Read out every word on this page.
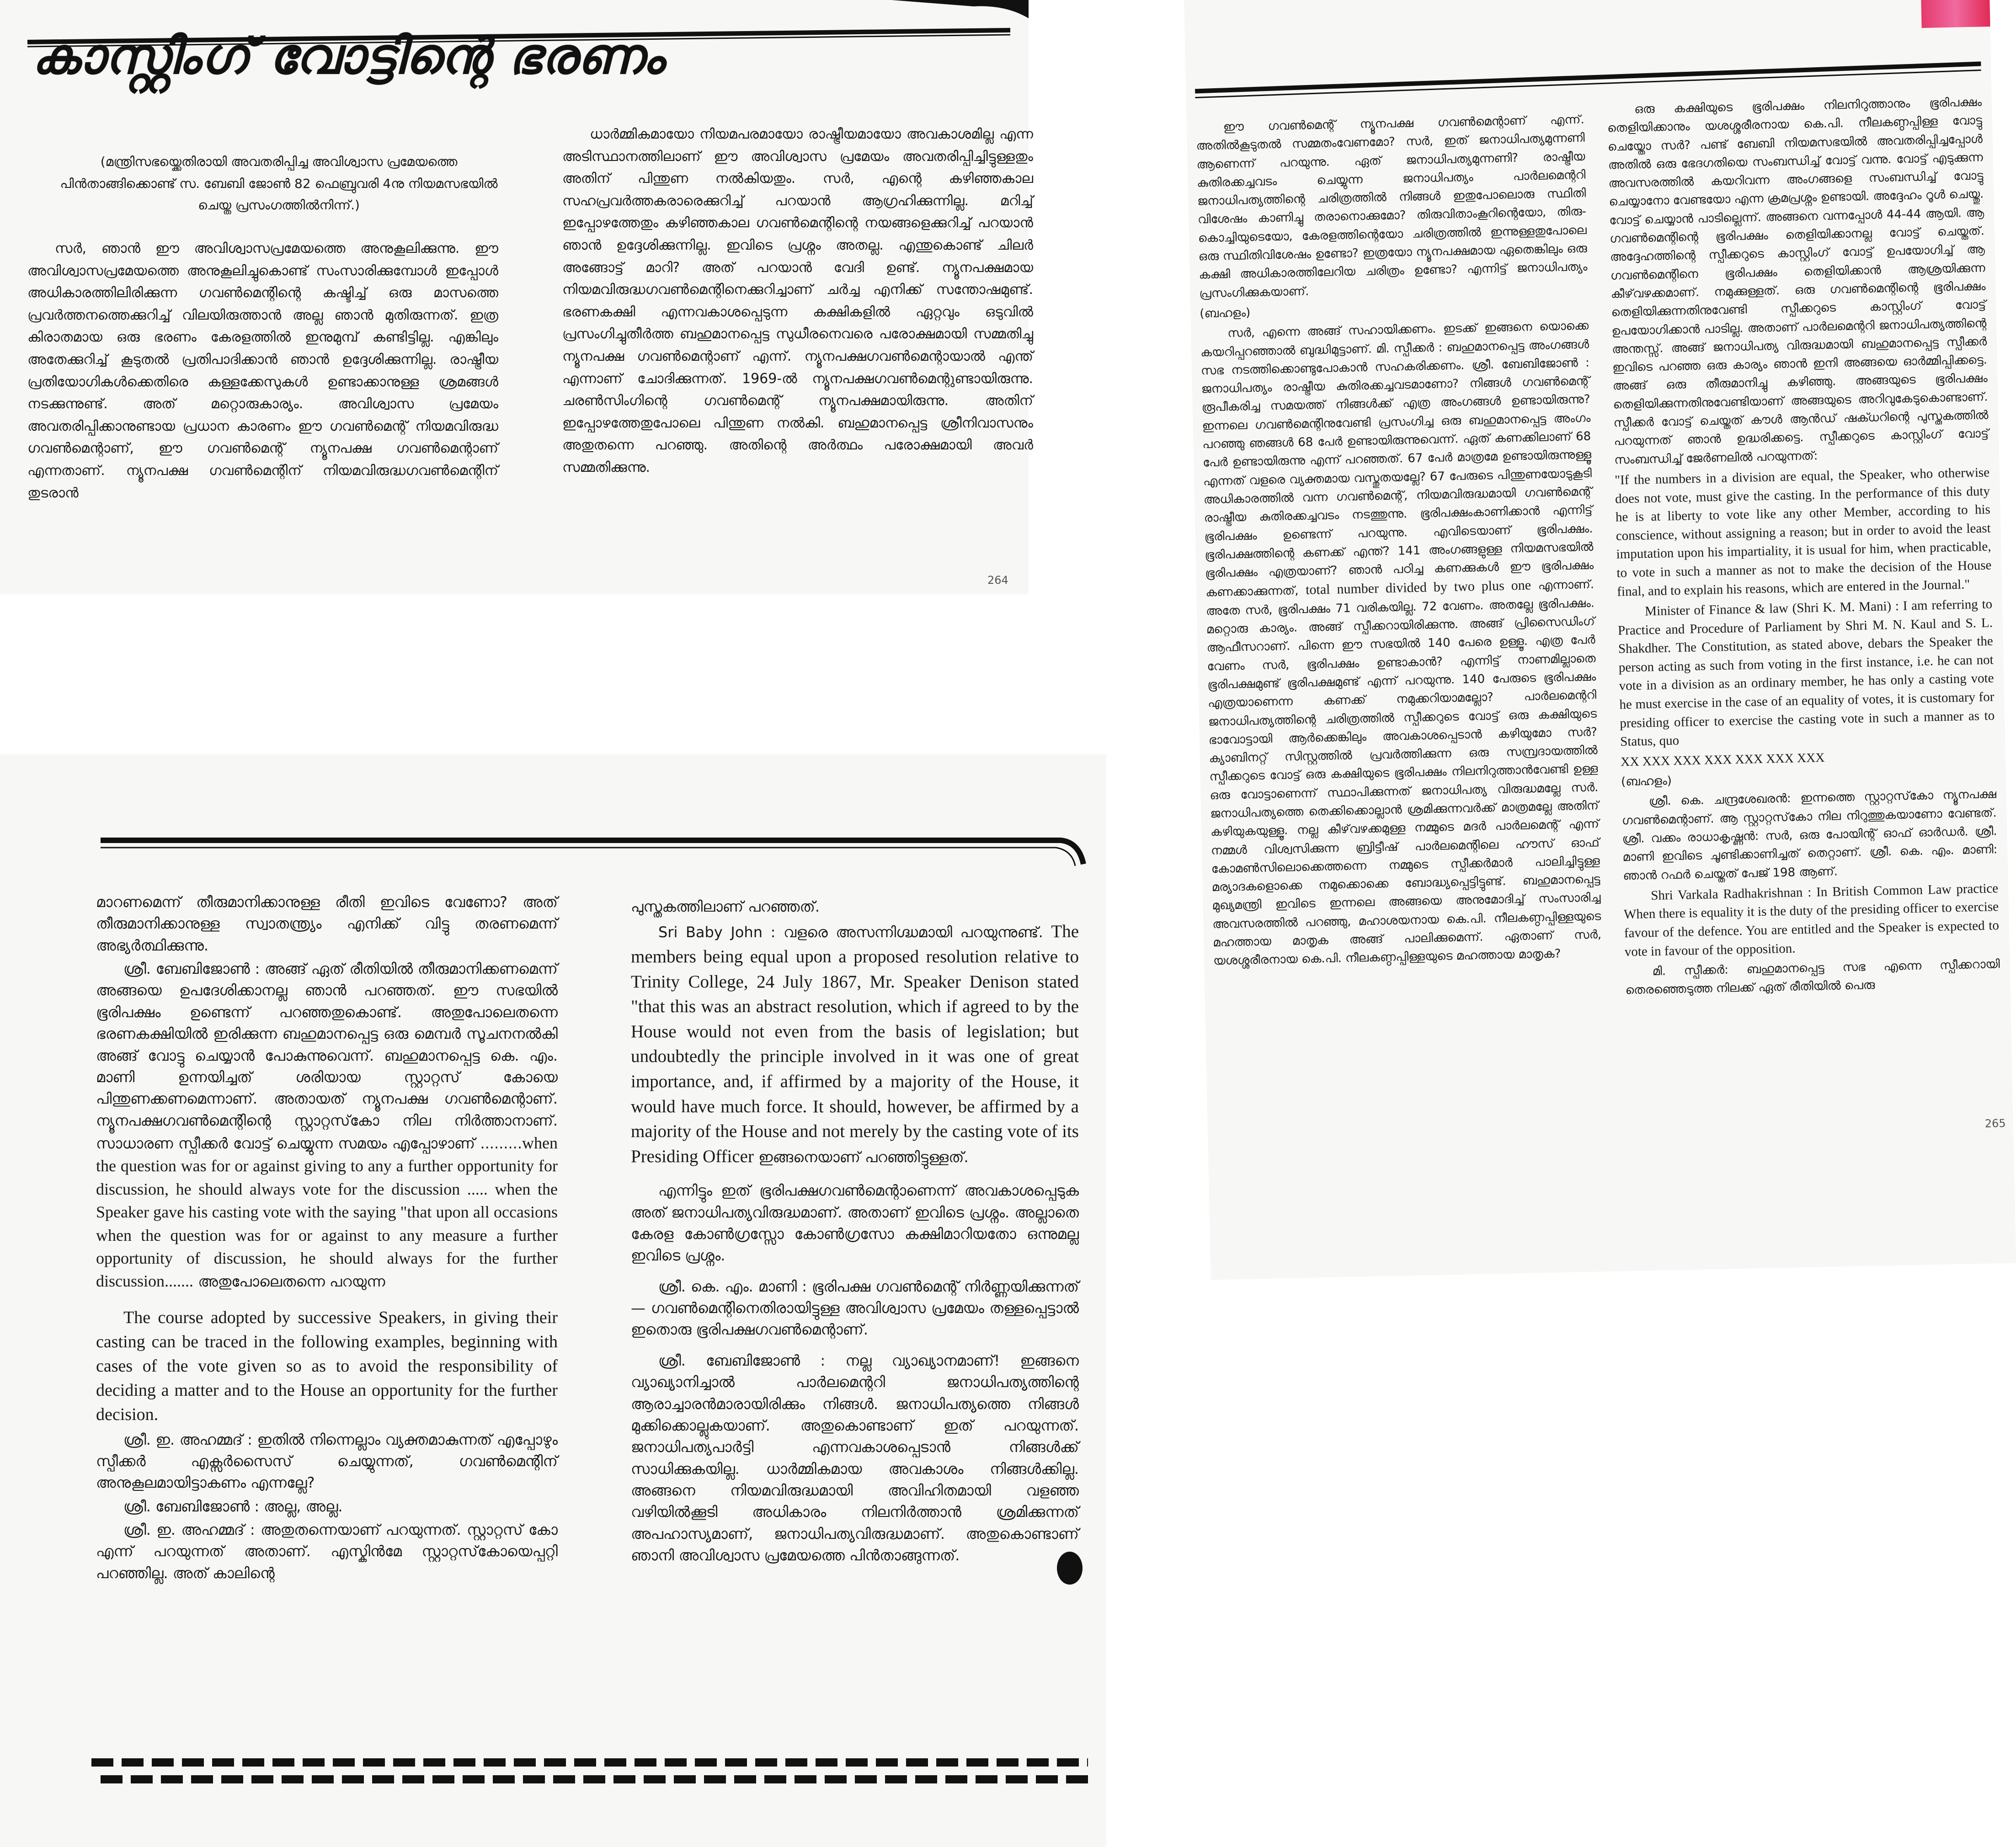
കാസ്റ്റിംഗ് വോട്ടിന്റെ ഭരണം
(മന്ത്രിസഭയ്ക്കെതിരായി അവതരിപ്പിച്ച അവിശ്വാസ പ്രമേയത്തെ പിൻതാങ്ങിക്കൊണ്ട് സ. ബേബി ജോൺ 82 ഫെബ്രുവരി 4നു നിയമസഭയിൽ ചെയ്ത പ്രസംഗത്തിൽനിന്ന്.)
സർ, ഞാൻ ഈ അവിശ്വാസപ്രമേയത്തെ അനുകൂലിക്കുന്നു. ഈ അവിശ്വാസപ്രമേയത്തെ അനുകൂലിച്ചുകൊണ്ട് സംസാരിക്കുമ്പോൾ ഇപ്പോൾ അധികാരത്തിലിരിക്കുന്ന ഗവൺമെന്റിന്റെ കഷ്ടിച്ച് ഒരു മാസത്തെ പ്രവർത്തനത്തെക്കുറിച്ച് വിലയിരുത്താൻ അല്ല ഞാൻ മുതിരുന്നത്. ഇത്ര കിരാതമായ ഒരു ഭരണം കേരളത്തിൽ ഇനുമുമ്പ് കണ്ടിട്ടില്ല. എങ്കിലും അതേക്കുറിച്ച് കൂടുതൽ പ്രതിപാദിക്കാൻ ഞാൻ ഉദ്ദേശിക്കുന്നില്ല. രാഷ്ട്രീയ പ്രതിയോഗികൾക്കെതിരെ കള്ളക്കേസുകൾ ഉണ്ടാക്കാനുള്ള ശ്രമങ്ങൾ നടക്കുന്നുണ്ട്. അത് മറ്റൊരുകാര്യം. അവിശ്വാസ പ്രമേയം അവതരിപ്പിക്കാനുണ്ടായ പ്രധാന കാരണം ഈ ഗവൺമെന്റ് നിയമവിരുദ്ധ ഗവൺമെന്റാണ്, ഈ ഗവൺമെന്റ് ന്യൂനപക്ഷ ഗവൺമെന്റാണ് എന്നതാണ്. ന്യൂനപക്ഷ ഗവൺമെന്റിന് നിയമവിരുദ്ധഗവൺമെന്റിന് തുടരാൻ
ധാർമ്മികമായോ നിയമപരമായോ രാഷ്ട്രീയമായോ അവകാശമില്ല എന്ന അടിസ്ഥാനത്തിലാണ് ഈ അവിശ്വാസ പ്രമേയം അവതരിപ്പിച്ചിട്ടുള്ളതും അതിന് പിന്തുണ നൽകിയതും. സർ, എന്റെ കഴിഞ്ഞകാല സഹപ്രവർത്തകരാരെക്കുറിച്ച് പറയാൻ ആഗ്രഹിക്കുന്നില്ല. മറിച്ച് ഇപ്പോഴത്തേതും കഴിഞ്ഞകാല ഗവൺമെന്റിന്റെ നയങ്ങളെക്കുറിച്ച് പറയാൻ ഞാൻ ഉദ്ദേശിക്കുന്നില്ല. ഇവിടെ പ്രശ്നം അതല്ല. എന്തുകൊണ്ട് ചിലർ അങ്ങോട്ട് മാറി? അത് പറയാൻ വേദി ഉണ്ട്. ന്യൂനപക്ഷമായ നിയമവിരുദ്ധഗവൺമെന്റിനെക്കുറിച്ചാണ് ചർച്ച എനിക്ക് സന്തോഷമുണ്ട്. ഭരണകക്ഷി എന്നവകാശപ്പെടുന്ന കക്ഷികളിൽ ഏറ്റവും ഒടുവിൽ പ്രസംഗിച്ചുതീർത്ത ബഹുമാനപ്പെട്ട സുധീരനെവരെ പരോക്ഷമായി സമ്മതിച്ചു ന്യൂനപക്ഷ ഗവൺമെന്റാണ് എന്ന്. ന്യൂനപക്ഷഗവൺമെന്റായാൽ എന്ത് എന്നാണ് ചോദിക്കുന്നത്. 1969-ൽ ന്യൂനപക്ഷഗവൺമെന്റുണ്ടായിരുന്നു. ചരൺസിംഗിന്റെ ഗവൺമെന്റ് ന്യൂനപക്ഷമായിരുന്നു. അതിന് ഇപ്പോഴത്തേതുപോലെ പിന്തുണ നൽകി. ബഹുമാനപ്പെട്ട ശ്രീനിവാസനും അതുതന്നെ പറഞ്ഞു. അതിന്റെ അർത്ഥം പരോക്ഷമായി അവർ സമ്മതിക്കുന്നു.
264

ഈ ഗവൺമെന്റ് ന്യൂനപക്ഷ ഗവൺമെന്റാണ് എന്ന്. അതിൽകൂടുതൽ സമ്മതംവേണമോ? സർ, ഇത് ജനാധിപത്യമുന്നണി ആണെന്ന് പറയുന്നു. ഏത് ജനാധിപത്യമുന്നണി? രാഷ്ട്രീയ കുതിരക്കച്ചവടം ചെയ്യുന്ന ജനാധിപത്യം പാർലമെന്ററി ജനാധിപത്യത്തിന്റെ ചരിത്രത്തിൽ നിങ്ങൾ ഇതുപോലൊരു സ്ഥിതി വിശേഷം കാണിച്ചു തരാനൊക്കുമോ? തിരുവിതാംകൂറിന്റെയോ, തിരു-കൊച്ചിയുടെയോ, കേരളത്തിന്റെയോ ചരിത്രത്തിൽ ഇന്നുള്ളതുപോലെ ഒരു സ്ഥിതിവിശേഷം ഉണ്ടോ? ഇത്രയോ ന്യൂനപക്ഷമായ ഏതെങ്കിലും ഒരു കക്ഷി അധികാരത്തിലേറിയ ചരിത്രം ഉണ്ടോ? എന്നിട്ട് ജനാധിപത്യം പ്രസംഗിക്കുകയാണ്.

(ബഹളം)

സർ, എന്നെ അങ്ങ് സഹായിക്കണം. ഇടക്ക് ഇങ്ങനെ യൊക്കെ കയറിപ്പറഞ്ഞാൽ ബുദ്ധിമുട്ടാണ്. മി. സ്പീക്കർ : ബഹുമാനപ്പെട്ട അംഗങ്ങൾ സഭ നടത്തിക്കൊണ്ടുപോകാൻ സഹകരിക്കണം. ശ്രീ. ബേബിജോൺ : ജനാധിപത്യം രാഷ്ട്രീയ കുതിരക്കച്ചവടമാണോ? നിങ്ങൾ ഗവൺമെന്റ് രൂപീകരിച്ച സമയത്ത് നിങ്ങൾക്ക് എത്ര അംഗങ്ങൾ ഉണ്ടായിരുന്നു? ഇന്നലെ ഗവൺമെന്റിനുവേണ്ടി പ്രസംഗിച്ച ഒരു ബഹുമാനപ്പെട്ട അംഗം പറഞ്ഞു ഞങ്ങൾ 68 പേർ ഉണ്ടായിരുന്നുവെന്ന്. ഏത് കണക്കിലാണ് 68 പേർ ഉണ്ടായിരുന്നു എന്ന് പറഞ്ഞത്. 67 പേർ മാത്രമേ ഉണ്ടായിരുന്നുള്ളൂ എന്നത് വളരെ വ്യക്തമായ വസ്തുതയല്ലേ? 67 പേരുടെ പിന്തുണയോടുകൂടി അധികാരത്തിൽ വന്ന ഗവൺമെന്റ്, നിയമവിരുദ്ധമായി ഗവൺമെന്റ് രാഷ്ട്രീയ കുതിരക്കച്ചവടം നടത്തുന്നു. ഭൂരിപക്ഷംകാണിക്കാൻ എന്നിട്ട് ഭൂരിപക്ഷം ഉണ്ടെന്ന് പറയുന്നു. എവിടെയാണ് ഭൂരിപക്ഷം. ഭൂരിപക്ഷത്തിന്റെ കണക്ക് എന്ത്? 141 അംഗങ്ങളുള്ള നിയമസഭയിൽ ഭൂരിപക്ഷം എത്രയാണ്? ഞാൻ പഠിച്ച കണക്കുകൾ ഈ ഭൂരിപക്ഷം കണക്കാക്കുന്നത്, total number divided by two plus one എന്നാണ്. അതേ സർ, ഭൂരിപക്ഷം 71 വരികയില്ല. 72 വേണം. അതല്ലേ ഭൂരിപക്ഷം. മറ്റൊരു കാര്യം. അങ്ങ് സ്പീക്കറായിരിക്കുന്നു. അങ്ങ് പ്രിസൈഡിംഗ് ആഫീസറാണ്. പിന്നെ ഈ സഭയിൽ 140 പേരെ ഉള്ളൂ. എത്ര പേർ വേണം സർ, ഭൂരിപക്ഷം ഉണ്ടാകാൻ? എന്നിട്ട് നാണമില്ലാതെ ഭൂരിപക്ഷമുണ്ട് ഭൂരിപക്ഷമുണ്ട് എന്ന് പറയുന്നു. 140 പേരുടെ ഭൂരിപക്ഷം എത്രയാണെന്ന കണക്ക് നമുക്കറിയാമല്ലോ? പാർലമെന്ററി ജനാധിപത്യത്തിന്റെ ചരിത്രത്തിൽ സ്പീക്കറുടെ വോട്ട് ഒരു കക്ഷിയുടെ ഭാവോട്ടായി ആർക്കെങ്കിലും അവകാശപ്പെടാൻ കഴിയുമോ സർ? ക്യാബിനറ്റ് സിസ്റ്റത്തിൽ പ്രവർത്തിക്കുന്ന ഒരു സമ്പ്രദായത്തിൽ സ്പീക്കറുടെ വോട്ട് ഒരു കക്ഷിയുടെ ഭൂരിപക്ഷം നിലനിറുത്താൻവേണ്ടി ഉള്ള ഒരു വോട്ടാണെന്ന് സ്ഥാപിക്കുന്നത് ജനാധിപത്യ വിരുദ്ധമല്ലേ സർ. ജനാധിപത്യത്തെ തെക്കിക്കൊല്ലാൻ ശ്രമിക്കുന്നവർക്ക് മാത്രമല്ലേ അതിന് കഴിയുകയുള്ളൂ. നല്ല കീഴ്‌വഴക്കമുള്ള നമ്മുടെ മദർ പാർലമെന്റ് എന്ന് നമ്മൾ വിശ്വസിക്കുന്ന ബ്രിട്ടീഷ് പാർലമെന്റിലെ ഹൗസ് ഓഫ് കോമൺസിലൊക്കെത്തന്നെ നമ്മുടെ സ്പീക്കർമാർ പാലിച്ചിട്ടുള്ള മര്യാദകളൊക്കെ നമുക്കൊക്കെ ബോദ്ധ്യപ്പെട്ടിട്ടുണ്ട്. ബഹുമാനപ്പെട്ട മുഖ്യമന്ത്രി ഇവിടെ ഇന്നലെ അങ്ങയെ അനുമോദിച്ച് സംസാരിച്ച അവസരത്തിൽ പറഞ്ഞു, മഹാശയനായ കെ.പി. നീലകണ്ഠപ്പിള്ളയുടെ മഹത്തായ മാതൃക അങ്ങ് പാലിക്കുമെന്ന്. ഏതാണ് സർ, യശശ്ശരീരനായ കെ.പി. നീലകണ്ഠപ്പിള്ളയുടെ മഹത്തായ മാതൃക?

ഒരു കക്ഷിയുടെ ഭൂരിപക്ഷം നിലനിറുത്താനും ഭൂരിപക്ഷം തെളിയിക്കാനും യശശ്ശരീരനായ കെ.പി. നീലകണ്ഠപ്പിള്ള വോട്ടു ചെയ്തോ സർ? പണ്ട് ബേബി നിയമസഭയിൽ അവതരിപ്പിച്ചപ്പോൾ അതിൽ ഒരു ഭേദഗതിയെ സംബന്ധിച്ച് വോട്ട് വന്നു. വോട്ട് എടുക്കുന്ന അവസരത്തിൽ കയറിവന്ന അംഗങ്ങളെ സംബന്ധിച്ച് വോട്ടു ചെയ്യാനോ വേണ്ടയോ എന്ന ക്രമപ്രശ്നം ഉണ്ടായി. അദ്ദേഹം റൂൾ ചെയ്തു. വോട്ട് ചെയ്യാൻ പാടില്ലെന്ന്. അങ്ങനെ വന്നപ്പോൾ 44-44 ആയി. ആ ഗവൺമെന്റിന്റെ ഭൂരിപക്ഷം തെളിയിക്കാനല്ല വോട്ട് ചെയ്തത്. അദ്ദേഹത്തിന്റെ സ്പീക്കറുടെ കാസ്റ്റിംഗ് വോട്ട് ഉപയോഗിച്ച് ആ ഗവൺമെന്റിനെ ഭൂരിപക്ഷം തെളിയിക്കാൻ ആശ്രയിക്കുന്ന കീഴ്‌വഴക്കമാണ്. നമുക്കുള്ളത്. ഒരു ഗവൺമെന്റിന്റെ ഭൂരിപക്ഷം തെളിയിക്കുന്നതിനുവേണ്ടി സ്പീക്കറുടെ കാസ്റ്റിംഗ് വോട്ട് ഉപയോഗിക്കാൻ പാടില്ല. അതാണ് പാർലമെന്ററി ജനാധിപത്യത്തിന്റെ അന്തസ്സ്. അങ്ങ് ജനാധിപത്യ വിരുദ്ധമായി ബഹുമാനപ്പെട്ട സ്പീക്കർ ഇവിടെ പറഞ്ഞ ഒരു കാര്യം ഞാൻ ഇനി അങ്ങയെ ഓർമ്മിപ്പിക്കട്ടെ. അങ്ങ് ഒരു തീരുമാനിച്ചു കഴിഞ്ഞു. അങ്ങയുടെ ഭൂരിപക്ഷം തെളിയിക്കുന്നതിനുവേണ്ടിയാണ് അങ്ങയുടെ അറിവുകേടുകൊണ്ടാണ്. സ്പീക്കർ വോട്ട് ചെയ്തത് കൗൾ ആൻഡ് ഷക്ധറിന്റെ പുസ്തകത്തിൽ പറയുന്നത് ഞാൻ ഉദ്ധരിക്കട്ടെ. സ്പീക്കറുടെ കാസ്റ്റിംഗ് വോട്ട് സംബന്ധിച്ച് ജേർണലിൽ പറയുന്നത്:

"If the numbers in a division are equal, the Speaker, who otherwise does not vote, must give the casting. In the performance of this duty he is at liberty to vote like any other Member, according to his conscience, without assigning a reason; but in order to avoid the least imputation upon his impartiality, it is usual for him, when practicable, to vote in such a manner as not to make the decision of the House final, and to explain his reasons, which are entered in the Journal."

Minister of Finance & law (Shri K. M. Mani) : I am referring to Practice and Procedure of Parliament by Shri M. N. Kaul and S. L. Shakdher. The Constitution, as stated above, debars the Speaker the person acting as such from voting in the first instance, i.e. he can not vote in a division as an ordinary member, he has only a casting vote he must exercise in the case of an equality of votes, it is customary for presiding officer to exercise the casting vote in such a manner as to Status, quo

XX XXX XXX XXX XXX XXX XXX

(ബഹളം)

ശ്രീ. കെ. ചന്ദ്രശേഖരൻ: ഇന്നത്തെ സ്റ്റാറ്റസ്‌കോ ന്യൂനപക്ഷ ഗവൺമെന്റാണ്. ആ സ്റ്റാറ്റസ്‌കോ നില നിറുത്തുകയാണോ വേണ്ടത്. ശ്രീ. വക്കം രാധാകൃഷ്ണൻ: സർ, ഒരു പോയിന്റ് ഓഫ് ഓർഡർ. ശ്രീ. മാണി ഇവിടെ ചൂണ്ടിക്കാണിച്ചത് തെറ്റാണ്. ശ്രീ. കെ. എം. മാണി: ഞാൻ റഫർ ചെയ്തത് പേജ് 198 ആണ്.

Shri Varkala Radhakrishnan : In British Common Law practice When there is equality it is the duty of the presiding officer to exercise favour of the defence. You are entitled and the Speaker is expected to vote in favour of the opposition.

മി. സ്പീക്കർ: ബഹുമാനപ്പെട്ട സഭ എന്നെ സ്പീക്കറായി തെരഞ്ഞെടുത്ത നിലക്ക് ഏത് രീതിയിൽ പെരു

265

മാറണമെന്ന് തീരുമാനിക്കാനുള്ള രീതി ഇവിടെ വേണോ? അത് തീരുമാനിക്കാനുള്ള സ്വാതന്ത്ര്യം എനിക്ക് വിട്ടു തരണമെന്ന് അഭ്യർത്ഥിക്കുന്നു.

ശ്രീ. ബേബിജോൺ : അങ്ങ് ഏത് രീതിയിൽ തീരുമാനിക്കണമെന്ന് അങ്ങയെ ഉപദേശിക്കാനല്ല ഞാൻ പറഞ്ഞത്. ഈ സഭയിൽ ഭൂരിപക്ഷം ഉണ്ടെന്ന് പറഞ്ഞതുകൊണ്ട്. അതുപോലെതന്നെ ഭരണകക്ഷിയിൽ ഇരിക്കുന്ന ബഹുമാനപ്പെട്ട ഒരു മെമ്പർ സൂചനനൽകി അങ്ങ് വോട്ടു ചെയ്യാൻ പോകുന്നുവെന്ന്. ബഹുമാനപ്പെട്ട കെ. എം. മാണി ഉന്നയിച്ചത് ശരിയായ സ്റ്റാറ്റസ് കോയെ പിന്തുണക്കണമെന്നാണ്. അതായത് ന്യൂനപക്ഷ ഗവൺമെന്റാണ്. ന്യൂനപക്ഷഗവൺമെന്റിന്റെ സ്റ്റാറ്റസ്‌കോ നില നിർത്താനാണ്. സാധാരണ സ്പീക്കർ വോട്ട് ചെയ്യുന്ന സമയം എപ്പോഴാണ് .........when the question was for or against giving to any a further opportunity for discussion, he should always vote for the discussion ..... when the Speaker gave his casting vote with the saying "that upon all occasions when the question was for or against to any measure a further opportunity of discussion, he should always for the further discussion....... അതുപോലെതന്നെ പറയുന്ന

The course adopted by successive Speakers, in giving their casting can be traced in the following examples, beginning with cases of the vote given so as to avoid the responsibility of deciding a matter and to the House an opportunity for the further decision.

ശ്രീ. ഇ. അഹമ്മദ് : ഇതിൽ നിന്നെല്ലാം വ്യക്തമാകുന്നത് എപ്പോഴും സ്പീക്കർ എക്സർസൈസ് ചെയ്യുന്നത്, ഗവൺമെന്റിന് അനുകൂലമായിട്ടാകണം എന്നല്ലേ?

ശ്രീ. ബേബിജോൺ : അല്ല, അല്ല.

ശ്രീ. ഇ. അഹമ്മദ് : അതുതന്നെയാണ് പറയുന്നത്. സ്റ്റാറ്റസ് കോ എന്ന് പറയുന്നത് അതാണ്. എസ്കിൻമേ സ്റ്റാറ്റസ്‌കോയെപ്പറ്റി പറഞ്ഞില്ല. അത് കാലിന്റെ

പുസ്തകത്തിലാണ് പറഞ്ഞത്.

Sri Baby John : വളരെ അസന്നിഗ്ദ്ധമായി പറയുന്നുണ്ട്. The members being equal upon a proposed resolution relative to Trinity College, 24 July 1867, Mr. Speaker Denison stated "that this was an abstract resolution, which if agreed to by the House would not even from the basis of legislation; but undoubtedly the principle involved in it was one of great importance, and, if affirmed by a majority of the House, it would have much force. It should, however, be affirmed by a majority of the House and not merely by the casting vote of its Presiding Officer ഇങ്ങനെയാണ് പറഞ്ഞിട്ടുള്ളത്.

എന്നിട്ടും ഇത് ഭൂരിപക്ഷഗവൺമെന്റാണെന്ന് അവകാശപ്പെടുക അത് ജനാധിപത്യവിരുദ്ധമാണ്. അതാണ് ഇവിടെ പ്രശ്നം. അല്ലാതെ കേരള കോൺഗ്രസ്സോ കോൺഗ്രസോ കക്ഷിമാറിയതോ ഒന്നുമല്ല ഇവിടെ പ്രശ്നം.

ശ്രീ. കെ. എം. മാണി : ഭൂരിപക്ഷ ഗവൺമെന്റ് നിർണ്ണയിക്കുന്നത് — ഗവൺമെന്റിനെതിരായിട്ടുള്ള അവിശ്വാസ പ്രമേയം തള്ളപ്പെട്ടാൽ ഇതൊരു ഭൂരിപക്ഷഗവൺമെന്റാണ്.

ശ്രീ. ബേബിജോൺ : നല്ല വ്യാഖ്യാനമാണ്! ഇങ്ങനെ വ്യാഖ്യാനിച്ചാൽ പാർലമെന്ററി ജനാധിപത്യത്തിന്റെ ആരാച്ചാരൻമാരായിരിക്കും നിങ്ങൾ. ജനാധിപത്യത്തെ നിങ്ങൾ മുക്കിക്കൊല്ലുകയാണ്. അതുകൊണ്ടാണ് ഇത് പറയുന്നത്. ജനാധിപത്യപാർട്ടി എന്നവകാശപ്പെടാൻ നിങ്ങൾക്ക് സാധിക്കുകയില്ല. ധാർമ്മികമായ അവകാശം നിങ്ങൾക്കില്ല. അങ്ങനെ നിയമവിരുദ്ധമായി അവിഹിതമായി വളഞ്ഞ വഴിയിൽക്കൂടി അധികാരം നിലനിർത്താൻ ശ്രമിക്കുന്നത് അപഹാസ്യമാണ്, ജനാധിപത്യവിരുദ്ധമാണ്. അതുകൊണ്ടാണ് ഞാനി അവിശ്വാസ പ്രമേയത്തെ പിൻതാങ്ങുന്നത്.
